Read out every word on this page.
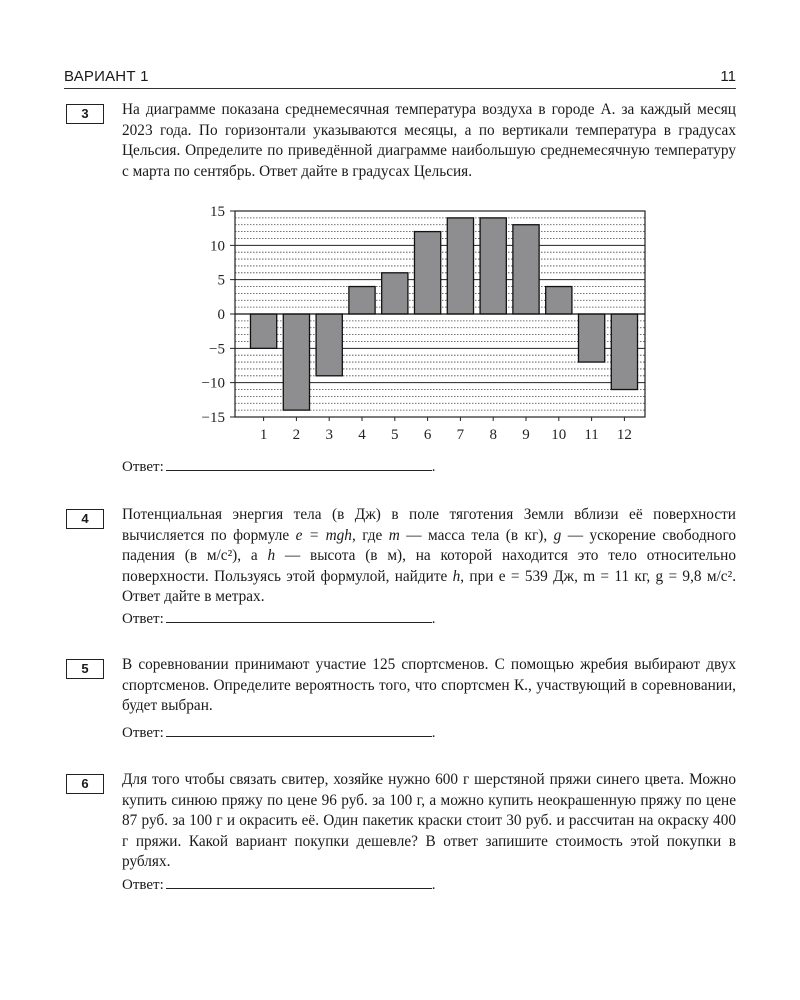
ВАРИАНТ 1	11
3	На диаграмме показана среднемесячная температура воздуха в городе А. за каждый месяц 2023 года. По горизонтали указываются месяцы, а по вертикали температура в градусах Цельсия. Определите по приведённой диаграмме наибольшую среднемесячную температуру с марта по сентябрь. Ответ дайте в градусах Цельсия.
15
10
5
0
−5
−10
−15
1 2 3 4 5 6 7 8 9 10 11 12
Ответ:	.
4	Потенциальная энергия тела (в Дж) в поле тяготения Земли вблизи её поверхности вычисляется по формуле e = mgh, где m — масса тела (в кг), g — ускорение свободного падения (в м/с²), а h — высота (в м), на которой находится это тело относительно поверхности. Пользуясь этой формулой, найдите h, при e = 539 Дж, m = 11 кг, g = 9,8 м/с². Ответ дайте в метрах.
Ответ:	.
5	В соревновании принимают участие 125 спортсменов. С помощью жребия выбирают двух спортсменов. Определите вероятность того, что спортсмен К., участвующий в соревновании, будет выбран.
Ответ:	.
6	Для того чтобы связать свитер, хозяйке нужно 600 г шерстяной пряжи синего цвета. Можно купить синюю пряжу по цене 96 руб. за 100 г, а можно купить неокрашенную пряжу по цене 87 руб. за 100 г и окрасить её. Один пакетик краски стоит 30 руб. и рассчитан на окраску 400 г пряжи. Какой вариант покупки дешевле? В ответ запишите стоимость этой покупки в рублях.
Ответ:	.
